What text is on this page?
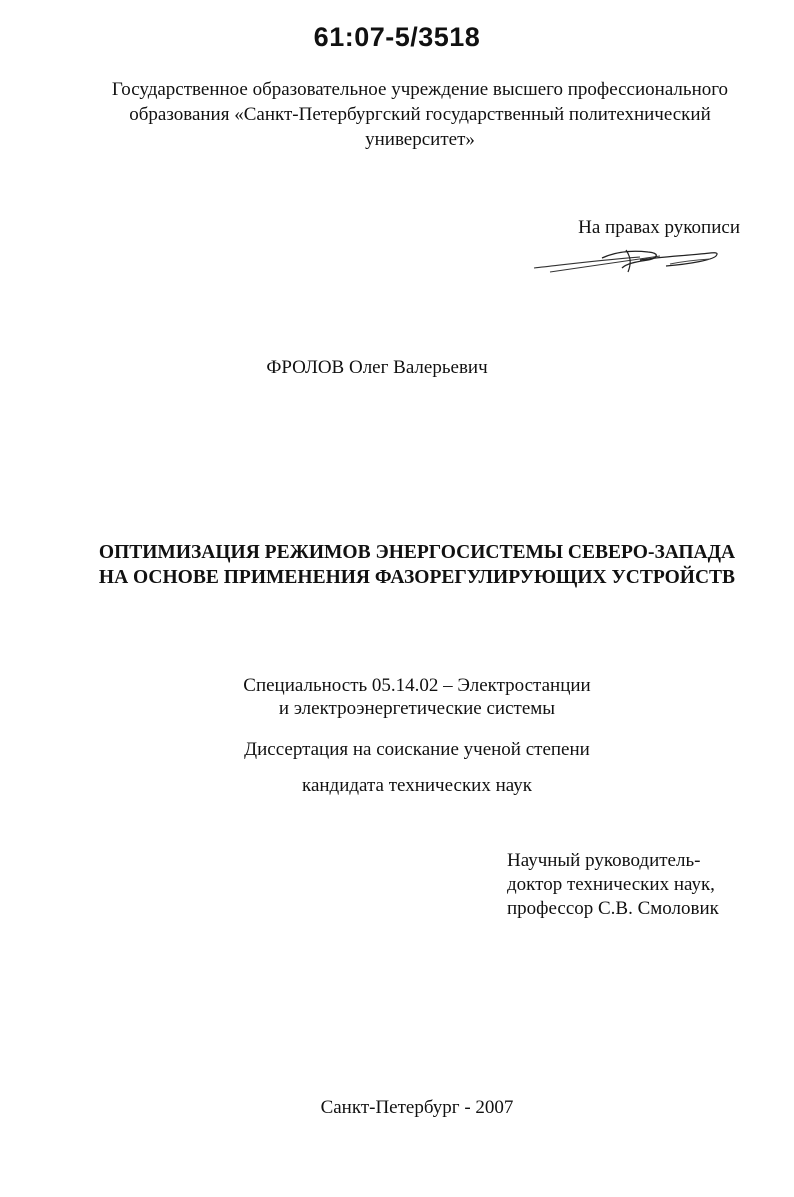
61:07-5/3518
Государственное образовательное учреждение высшего профессионального
образования «Санкт-Петербургский государственный политехнический
университет»
На правах рукописи
ФРОЛОВ Олег Валерьевич
ОПТИМИЗАЦИЯ РЕЖИМОВ ЭНЕРГОСИСТЕМЫ СЕВЕРО-ЗАПАДА
НА ОСНОВЕ ПРИМЕНЕНИЯ ФАЗОРЕГУЛИРУЮЩИХ УСТРОЙСТВ
Специальность 05.14.02 – Электростанции
и электроэнергетические системы
Диссертация на соискание ученой степени
кандидата технических наук
Научный руководитель-
доктор технических наук,
профессор С.В. Смоловик
Санкт-Петербург - 2007
